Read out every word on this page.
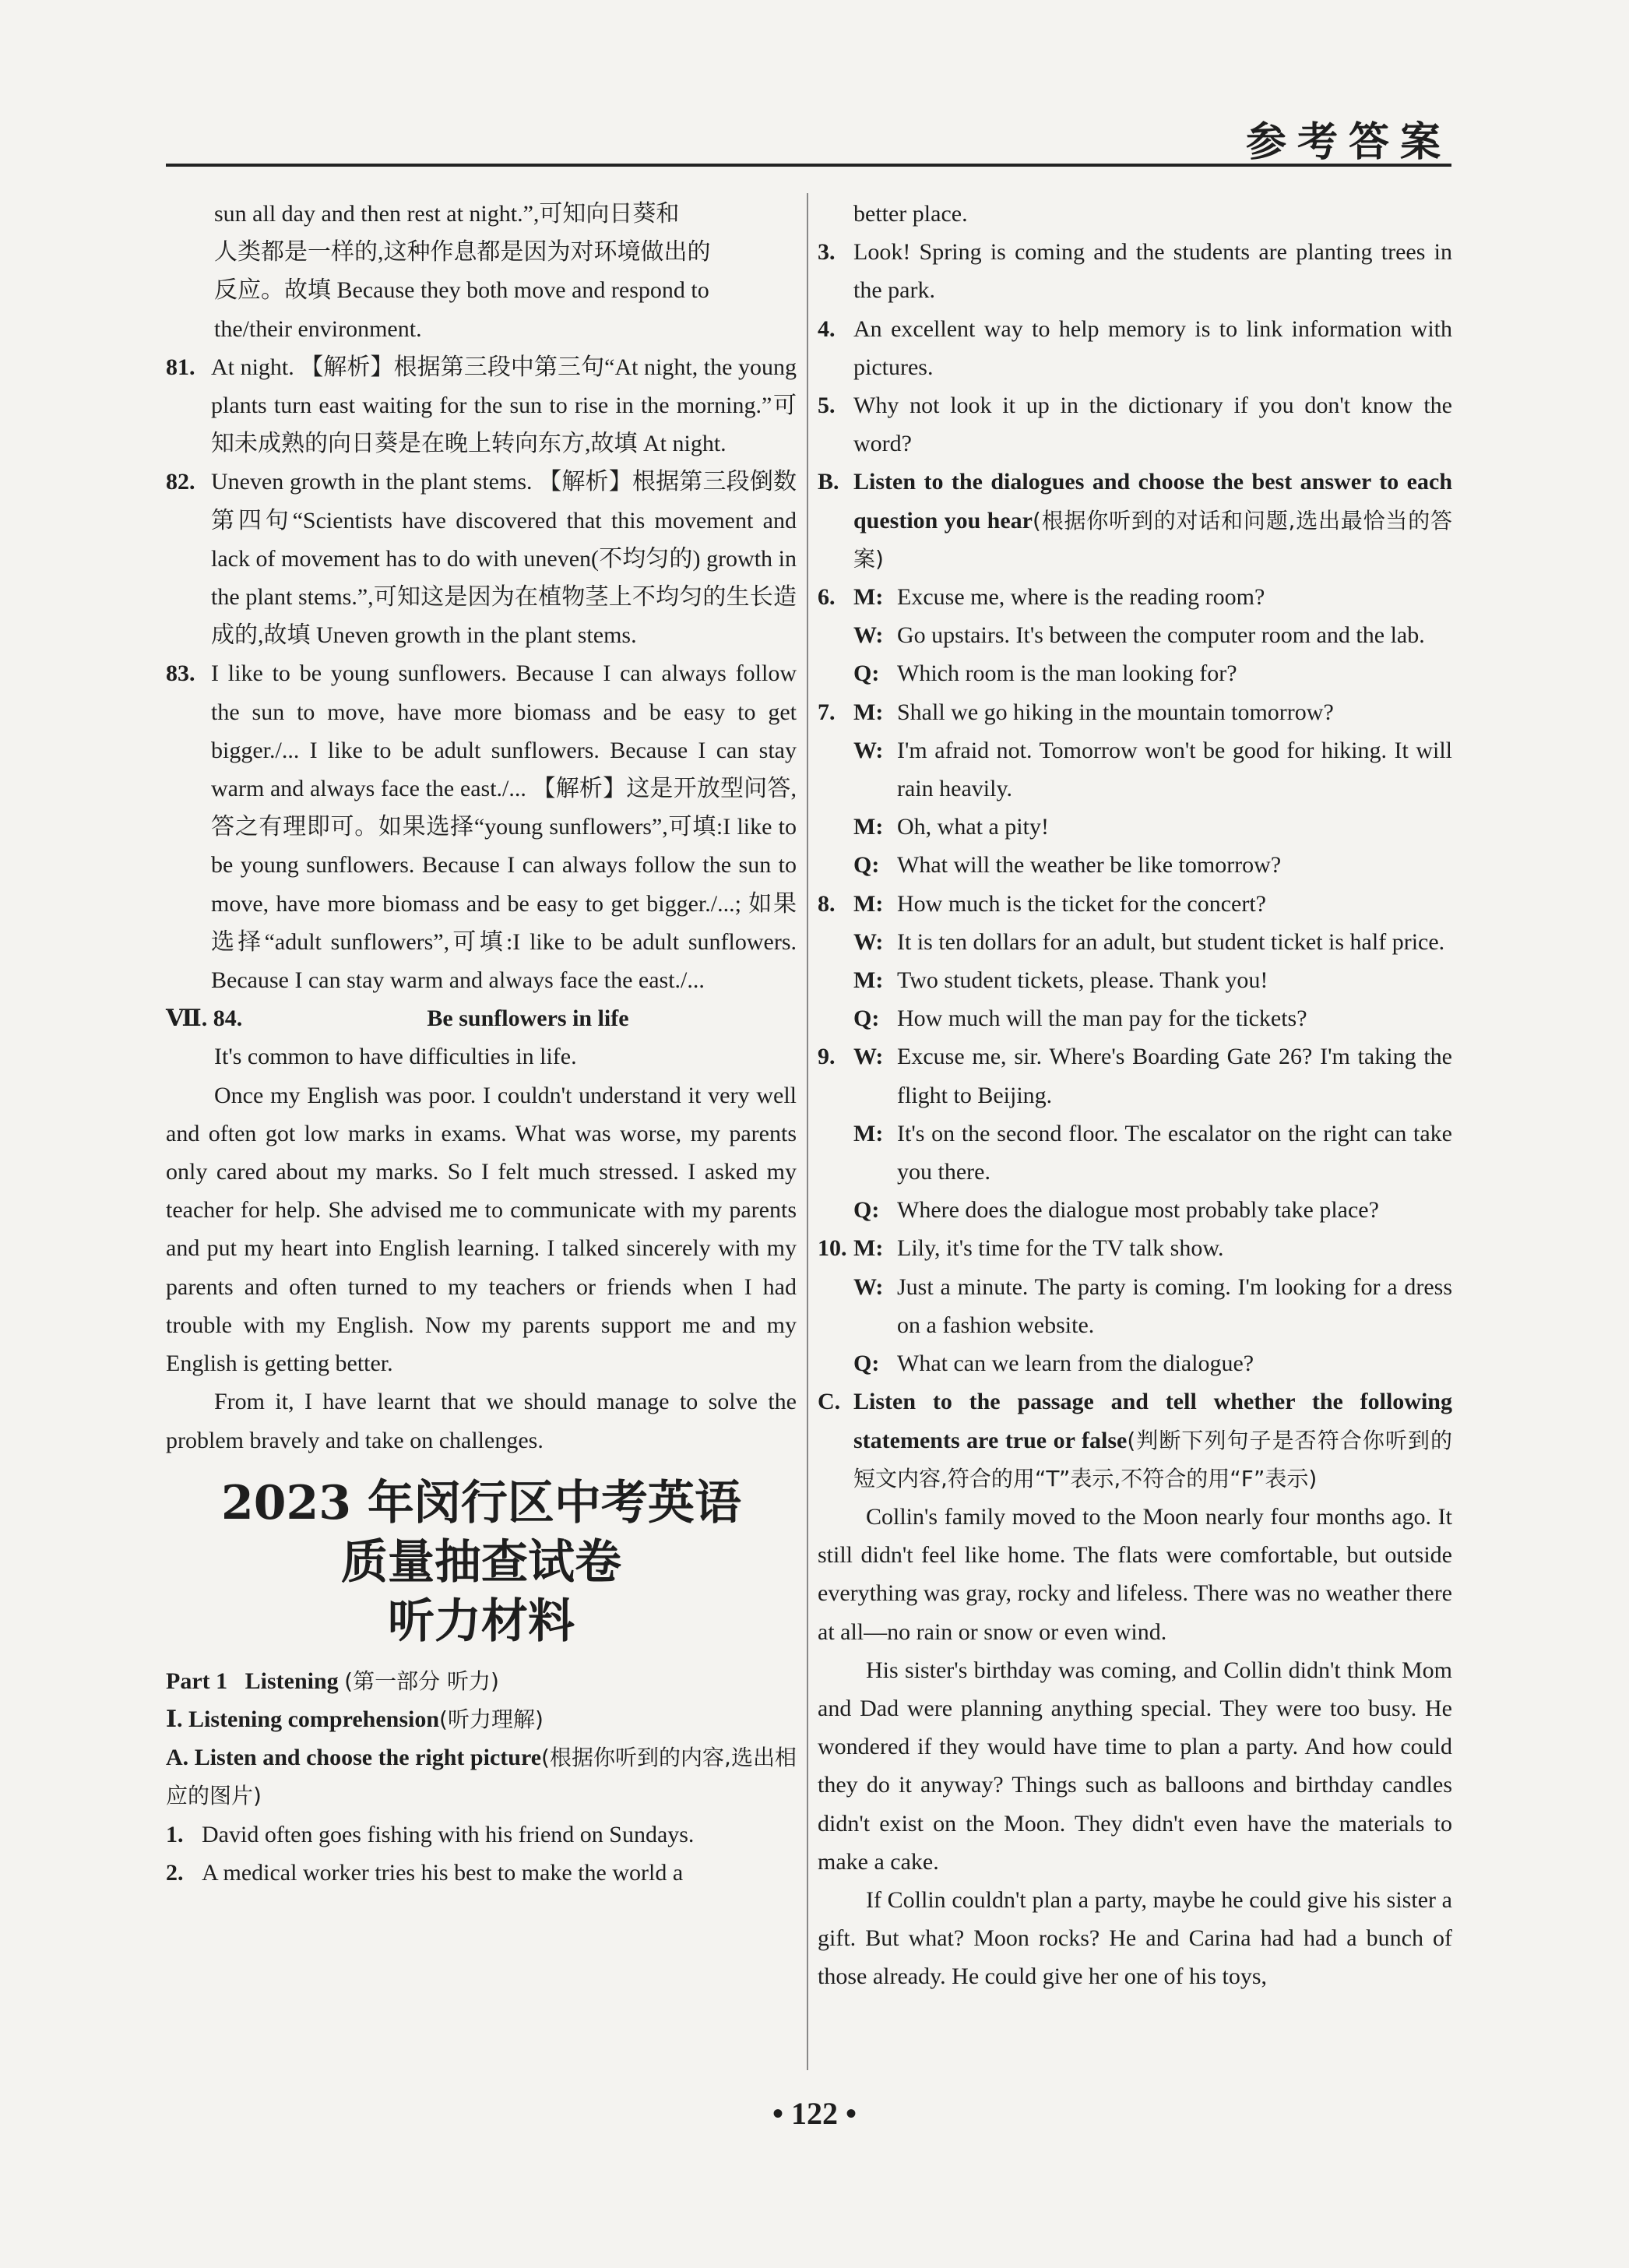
参考答案

sun all day and then rest at night.”,可知向日葵和

人类都是一样的,这种作息都是因为对环境做出的

反应。故填 Because they both move and respond to

the/their environment.

81. At night. 【解析】根据第三段中第三句“At night, the young plants turn east waiting for the sun to rise in the morning.”可知未成熟的向日葵是在晚上转向东方,故填 At night.
82. Uneven growth in the plant stems. 【解析】根据第三段倒数第四句“Scientists have discovered that this movement and lack of movement has to do with uneven(不均匀的) growth in the plant stems.”,可知这是因为在植物茎上不均匀的生长造成的,故填 Uneven growth in the plant stems.
83. I like to be young sunflowers. Because I can always follow the sun to move, have more biomass and be easy to get bigger./... I like to be adult sunflowers. Because I can stay warm and always face the east./... 【解析】这是开放型问答,答之有理即可。如果选择“young sunflowers”,可填:I like to be young sunflowers. Because I can always follow the sun to move, have more biomass and be easy to get bigger./...; 如果选择“adult sunflowers”,可填:I like to be adult sunflowers. Because I can stay warm and always face the east./...
Ⅶ. 84.	Be sunflowers in life

It's common to have difficulties in life.

Once my English was poor. I couldn't understand it very well and often got low marks in exams. What was worse, my parents only cared about my marks. So I felt much stressed. I asked my teacher for help. She advised me to communicate with my parents and put my heart into English learning. I talked sincerely with my parents and often turned to my teachers or friends when I had trouble with my English. Now my parents support me and my English is getting better.

From it, I have learnt that we should manage to solve the problem bravely and take on challenges.

2023 年闵行区中考英语
质量抽查试卷
听力材料

Part 1 Listening (第一部分 听力)

Ⅰ. Listening comprehension(听力理解)

A. Listen and choose the right picture(根据你听到的内容,选出相应的图片)

1. David often goes fishing with his friend on Sundays.
2. A medical worker tries his best to make the world a

better place.

3. Look! Spring is coming and the students are planting trees in the park.
4. An excellent way to help memory is to link information with pictures.
5. Why not look it up in the dictionary if you don't know the word?
B. Listen to the dialogues and choose the best answer to each question you hear(根据你听到的对话和问题,选出最恰当的答案)
6. M: Excuse me, where is the reading room?
W: Go upstairs. It's between the computer room and the lab.
Q: Which room is the man looking for?
7. M: Shall we go hiking in the mountain tomorrow?
W: I'm afraid not. Tomorrow won't be good for hiking. It will rain heavily.
M: Oh, what a pity!
Q: What will the weather be like tomorrow?
8. M: How much is the ticket for the concert?
W: It is ten dollars for an adult, but student ticket is half price.
M: Two student tickets, please. Thank you!
Q: How much will the man pay for the tickets?
9. W: Excuse me, sir. Where's Boarding Gate 26? I'm taking the flight to Beijing.
M: It's on the second floor. The escalator on the right can take you there.
Q: Where does the dialogue most probably take place?
10. M: Lily, it's time for the TV talk show.
W: Just a minute. The party is coming. I'm looking for a dress on a fashion website.
Q: What can we learn from the dialogue?
C. Listen to the passage and tell whether the following statements are true or false(判断下列句子是否符合你听到的短文内容,符合的用“T”表示,不符合的用“F”表示)

Collin's family moved to the Moon nearly four months ago. It still didn't feel like home. The flats were comfortable, but outside everything was gray, rocky and lifeless. There was no weather there at all—no rain or snow or even wind.

His sister's birthday was coming, and Collin didn't think Mom and Dad were planning anything special. They were too busy. He wondered if they would have time to plan a party. And how could they do it anyway? Things such as balloons and birthday candles didn't exist on the Moon. They didn't even have the materials to make a cake.

If Collin couldn't plan a party, maybe he could give his sister a gift. But what? Moon rocks? He and Carina had had a bunch of those already. He could give her one of his toys,

• 122 •
